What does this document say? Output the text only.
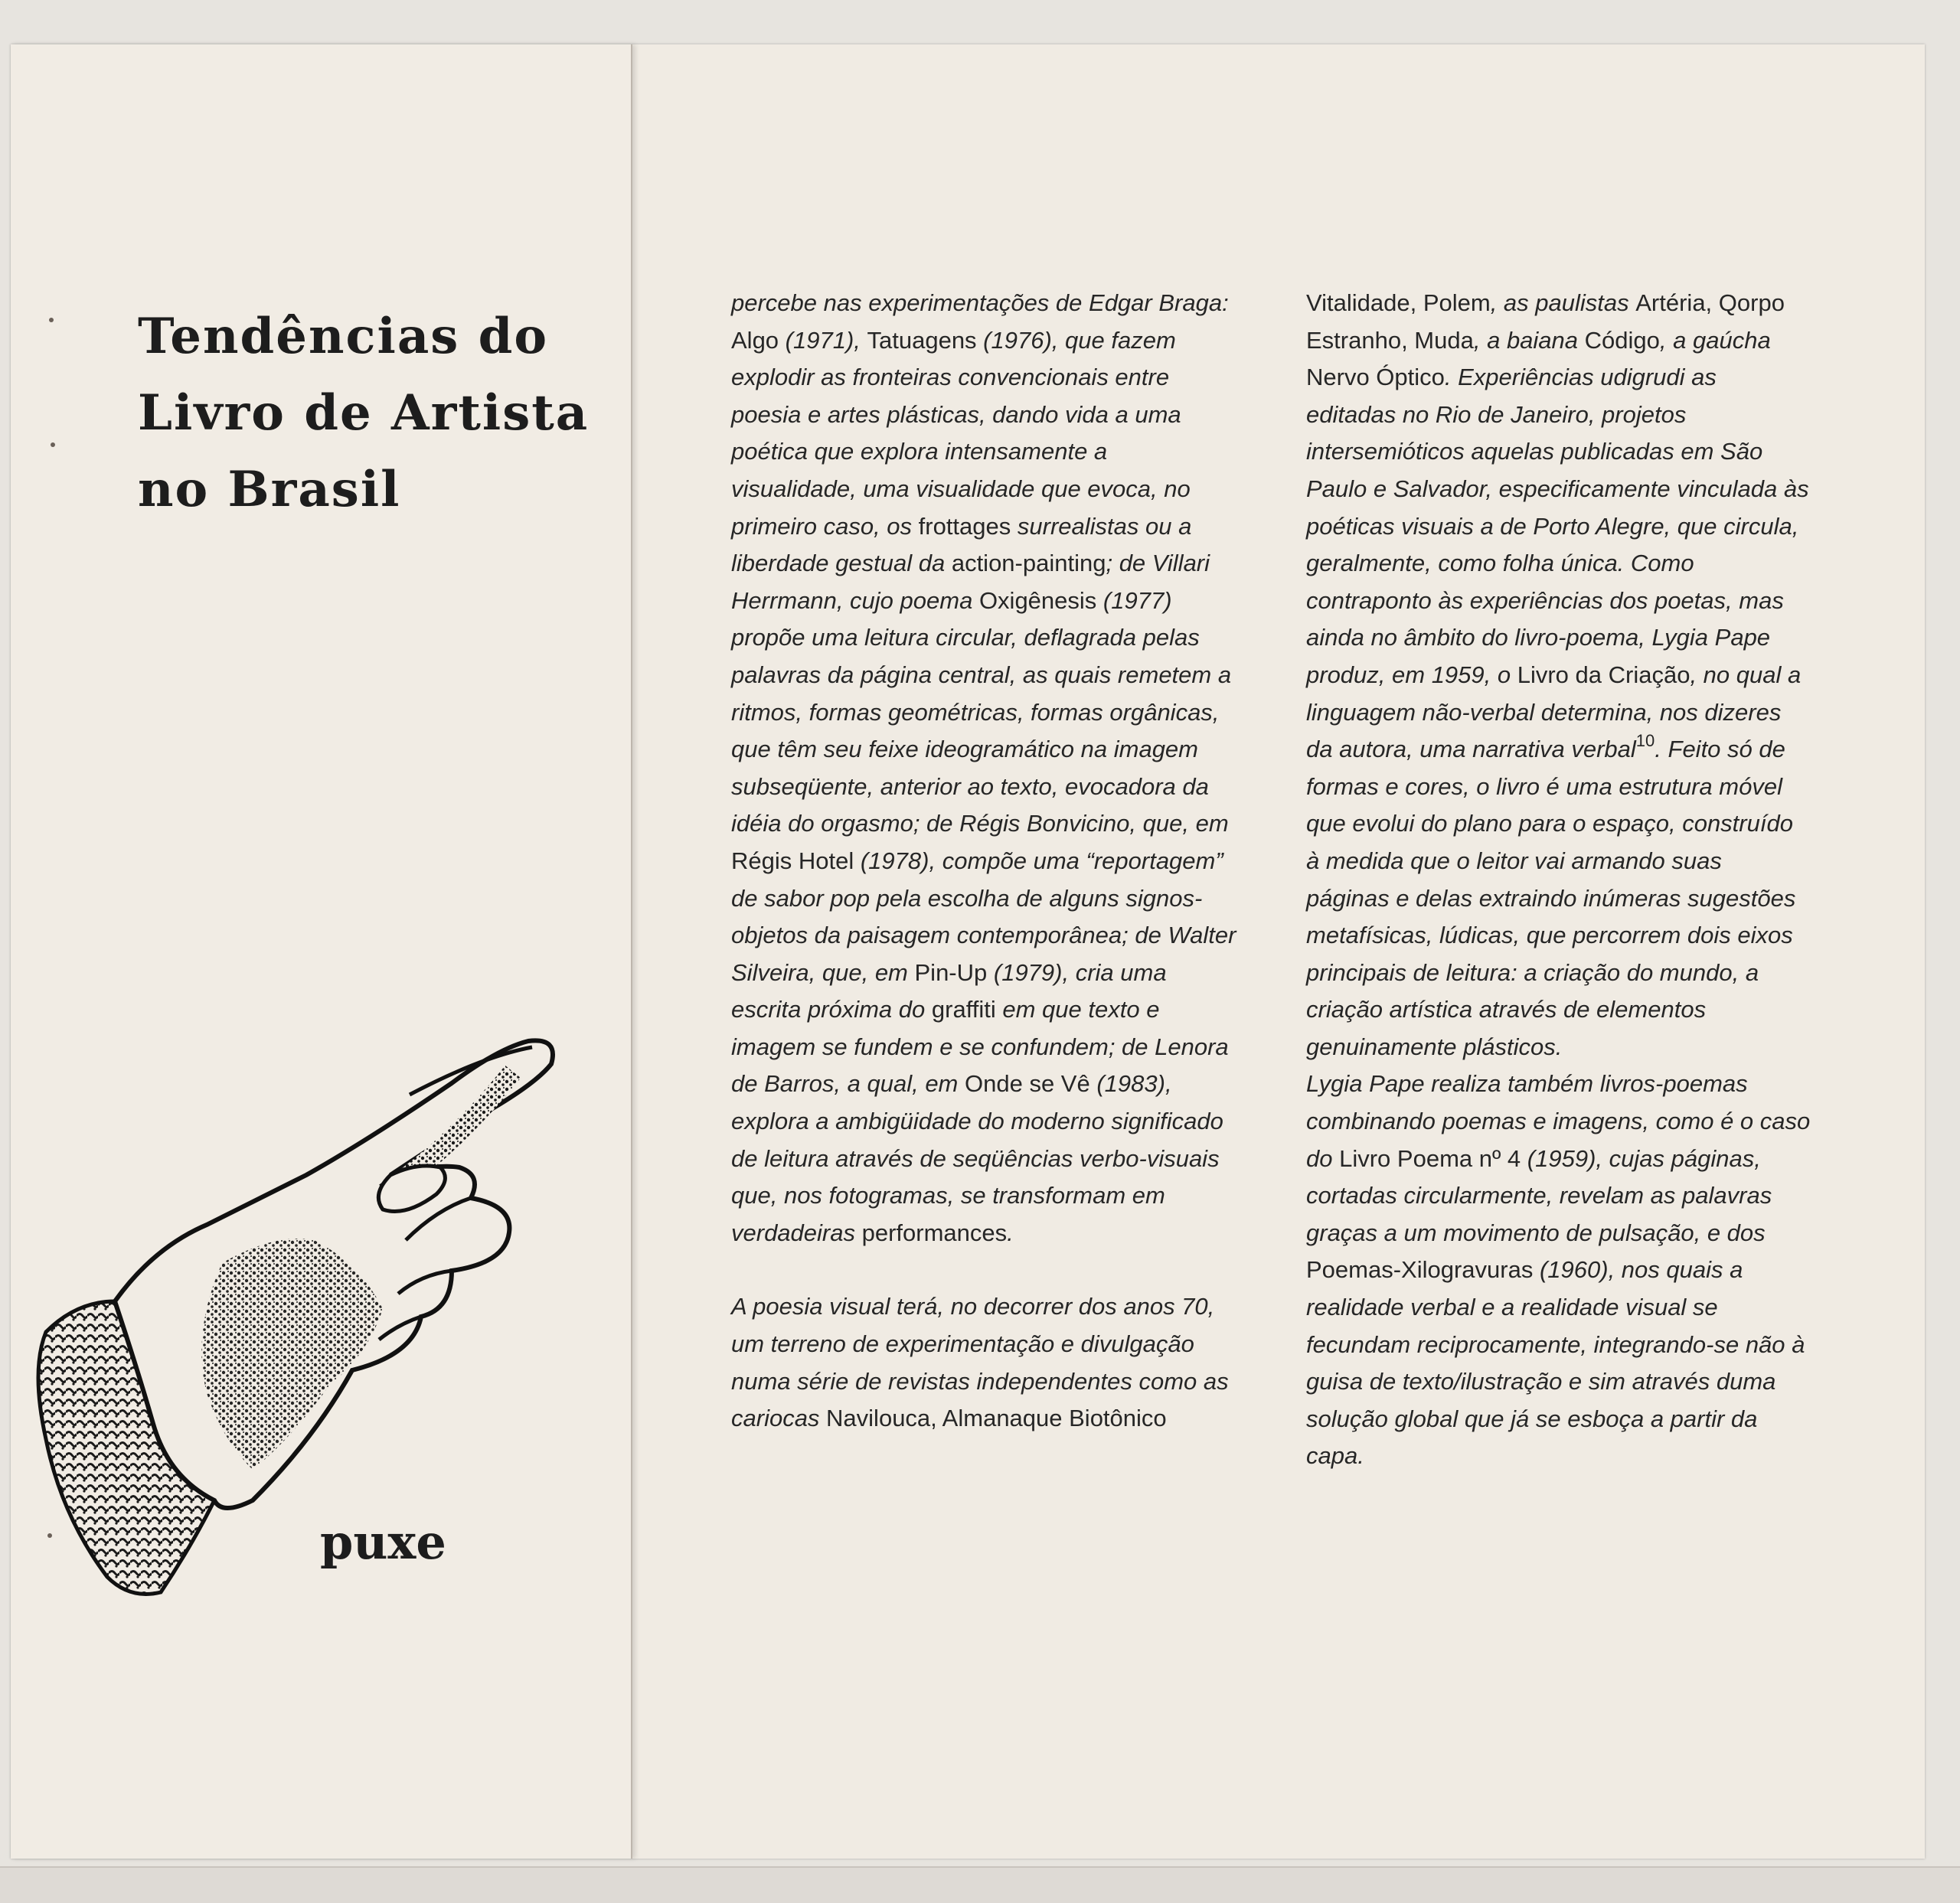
percebe nas experimentações de Edgar Braga: Algo (1971), Tatuagens (1976), que fazem explodir as fronteiras convencionais entre poesia e artes plásticas, dando vida a uma poética que explora intensamente a visualidade, uma visualidade que evoca, no primeiro caso, os frottages surrealistas ou a liberdade gestual da action-painting; de Villari Herrmann, cujo poema Oxigênesis (1977) propõe uma leitura circular, deflagrada pelas palavras da página central, as quais remetem a ritmos, formas geométricas, formas orgânicas, que têm seu feixe ideogramático na imagem subseqüente, anterior ao texto, evocadora da idéia do orgasmo; de Régis Bonvicino, que, em Régis Hotel (1978), compõe uma “reportagem” de sabor pop pela escolha de alguns signos-objetos da paisagem contemporânea; de Walter Silveira, que, em Pin-Up (1979), cria uma escrita próxima do graffiti em que texto e imagem se fundem e se confundem; de Lenora de Barros, a qual, em Onde se Vê (1983), explora a ambigüidade do moderno significado de leitura através de seqüências verbo-visuais que, nos fotogramas, se transformam em verdadeiras performances.

A poesia visual terá, no decorrer dos anos 70, um terreno de experimentação e divulgação numa série de revistas independentes como as cariocas Navilouca, Almanaque Biotônico

Vitalidade, Polem, as paulistas Artéria, Qorpo Estranho, Muda, a baiana Código, a gaúcha Nervo Óptico. Experiências udigrudi as editadas no Rio de Janeiro, projetos intersemióticos aquelas publicadas em São Paulo e Salvador, especificamente vinculada às poéticas visuais a de Porto Alegre, que circula, geralmente, como folha única. Como contraponto às experiências dos poetas, mas ainda no âmbito do livro-poema, Lygia Pape produz, em 1959, o Livro da Criação, no qual a linguagem não-verbal determina, nos dizeres da autora, uma narrativa verbal$^{10}$. Feito só de formas e cores, o livro é uma estrutura móvel que evolui do plano para o espaço, construído à medida que o leitor vai armando suas páginas e delas extraindo inúmeras sugestões metafísicas, lúdicas, que percorrem dois eixos principais de leitura: a criação do mundo, a criação artística através de elementos genuinamente plásticos.

Lygia Pape realiza também livros-poemas combinando poemas e imagens, como é o caso do Livro Poema nº 4 (1959), cujas páginas, cortadas circularmente, revelam as palavras graças a um movimento de pulsação, e dos Poemas-Xilogravuras (1960), nos quais a realidade verbal e a realidade visual se fecundam reciprocamente, integrando-se não à guisa de texto/ilustração e sim através duma solução global que já se esboça a partir da capa.

Tendências do
Livro de Artista
no Brasil
puxe
